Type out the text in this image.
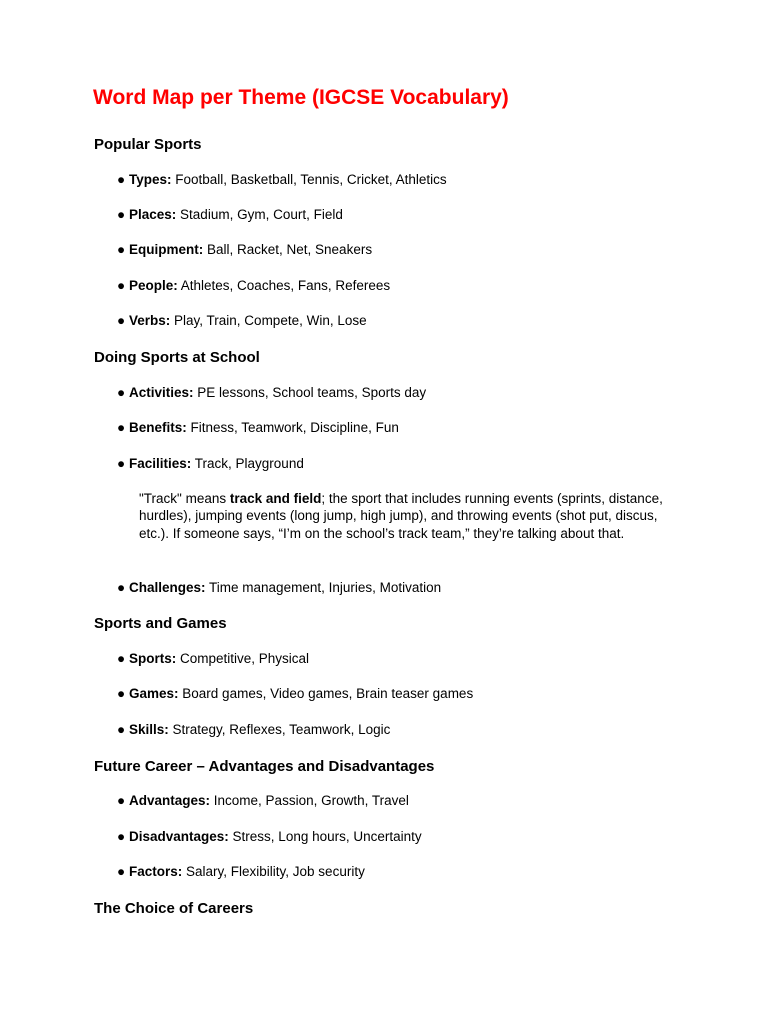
Word Map per Theme (IGCSE Vocabulary)
Popular Sports
● Types: Football, Basketball, Tennis, Cricket, Athletics
● Places: Stadium, Gym, Court, Field
● Equipment: Ball, Racket, Net, Sneakers
● People: Athletes, Coaches, Fans, Referees
● Verbs: Play, Train, Compete, Win, Lose
Doing Sports at School
● Activities: PE lessons, School teams, Sports day
● Benefits: Fitness, Teamwork, Discipline, Fun
● Facilities: Track, Playground

"Track" means track and field; the sport that includes running events (sprints, distance, hurdles), jumping events (long jump, high jump), and throwing events (shot put, discus, etc.). If someone says, “I’m on the school’s track team,” they’re talking about that.

● Challenges: Time management, Injuries, Motivation
Sports and Games
● Sports: Competitive, Physical
● Games: Board games, Video games, Brain teaser games
● Skills: Strategy, Reflexes, Teamwork, Logic
Future Career – Advantages and Disadvantages
● Advantages: Income, Passion, Growth, Travel
● Disadvantages: Stress, Long hours, Uncertainty
● Factors: Salary, Flexibility, Job security
The Choice of Careers
